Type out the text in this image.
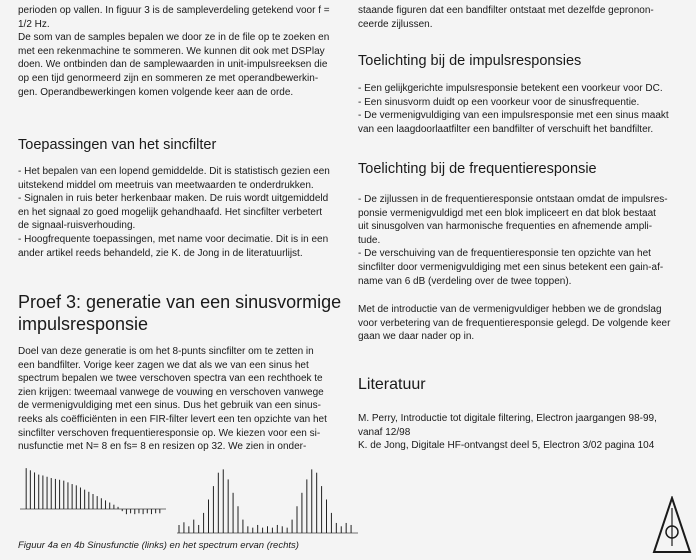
perioden op vallen. In figuur 3 is de sampleverdeling getekend voor f =

1/2 Hz.

De som van de samples bepalen we door ze in de file op te zoeken en

met een rekenmachine te sommeren. We kunnen dit ook met DSPlay

doen. We ontbinden dan de samplewaarden in unit-impulsreeksen die

op een tijd genormeerd zijn en sommeren ze met operandbewerkin-

gen. Operandbewerkingen komen volgende keer aan de orde.

Toepassingen van het sincfilter

- Het bepalen van een lopend gemiddelde. Dit is statistisch gezien een

uitstekend middel om meetruis van meetwaarden te onderdrukken.

- Signalen in ruis beter herkenbaar maken. De ruis wordt uitgemiddeld

en het signaal zo goed mogelijk gehandhaafd. Het sincfilter verbetert

de signaal-ruisverhouding.

- Hoogfrequente toepassingen, met name voor decimatie. Dit is in een

ander artikel reeds behandeld, zie K. de Jong in de literatuurlijst.

Proef 3: generatie van een sinusvormige
impulsresponsie

Doel van deze generatie is om het 8-punts sincfilter om te zetten in

een bandfilter. Vorige keer zagen we dat als we van een sinus het

spectrum bepalen we twee verschoven spectra van een rechthoek te

zien krijgen: tweemaal vanwege de vouwing en verschoven vanwege

de vermenigvuldiging met een sinus. Dus het gebruik van een sinus-

reeks als coëfficiënten in een FIR-filter levert een ten opzichte van het

sincfilter verschoven frequentieresponsie op. We kiezen voor een si-

nusfunctie met N= 8 en fs= 8 en resizen op 32. We zien in onder-

staande figuren dat een bandfilter ontstaat met dezelfde gepronon-

ceerde zijlussen.

Toelichting bij de impulsresponsies

- Een gelijkgerichte impulsresponsie betekent een voorkeur voor DC.

- Een sinusvorm duidt op een voorkeur voor de sinusfrequentie.

- De vermenigvuldiging van een impulsresponsie met een sinus maakt

van een laagdoorlaatfilter een bandfilter of verschuift het bandfilter.

Toelichting bij de frequentieresponsie

- De zijlussen in de frequentieresponsie ontstaan omdat de impulsres-

ponsie vermenigvuldigd met een blok impliceert en dat blok bestaat

uit sinusgolven van harmonische frequenties en afnemende ampli-

tude.

- De verschuiving van de frequentieresponsie ten opzichte van het

sincfilter door vermenigvuldiging met een sinus betekent een gain-af-

name van 6 dB (verdeling over de twee toppen).

Met de introductie van de vermenigvuldiger hebben we de grondslag

voor verbetering van de frequentieresponsie gelegd. De volgende keer

gaan we daar nader op in.

Literatuur

M. Perry, Introductie tot digitale filtering, Electron jaargangen 98-99,

vanaf 12/98

K. de Jong, Digitale HF-ontvangst deel 5, Electron 3/02 pagina 104

Figuur 4a en 4b Sinusfunctie (links) en het spectrum ervan (rechts)
